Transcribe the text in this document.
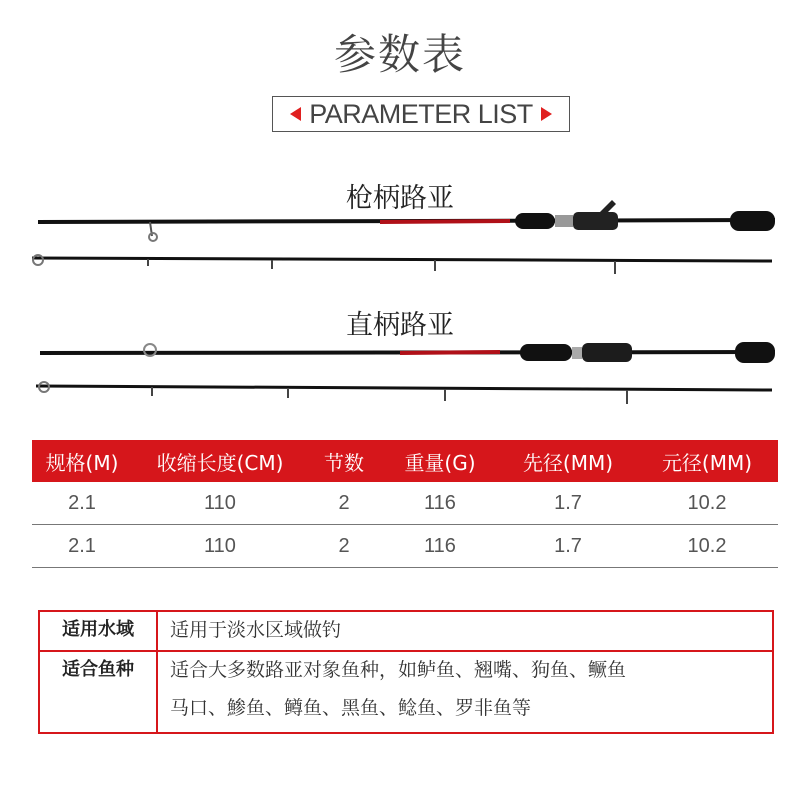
参数表
PARAMETER LIST
枪柄路亚
直柄路亚
规格(M)	收缩长度(CM)	节数	重量(G)	先径(MM)	元径(MM)
2.1	110	2	116	1.7	10.2
2.1	110	2	116	1.7	10.2
适用水域	适用于淡水区域做钓
适合鱼种	适合大多数路亚对象鱼种，如鲈鱼、翘嘴、狗鱼、鳜鱼
马口、鯵鱼、鳟鱼、黑鱼、鲶鱼、罗非鱼等
